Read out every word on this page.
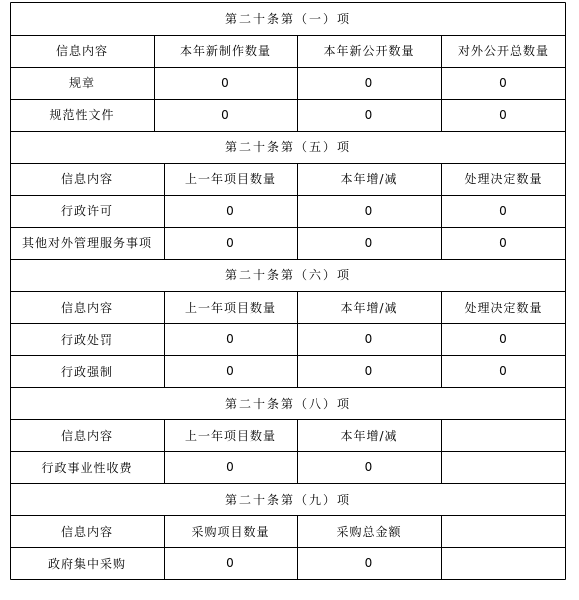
第二十条第（一）项
信息内容	本年新制作数量	本年新公开数量	对外公开总数量
规章	0	0	0
规范性文件	0	0	0
第二十条第（五）项
信息内容	上一年项目数量	本年增/减	处理决定数量
行政许可	0	0	0
其他对外管理服务事项	0	0	0
第二十条第（六）项
信息内容	上一年项目数量	本年增/减	处理决定数量
行政处罚	0	0	0
行政强制	0	0	0
第二十条第（八）项
信息内容	上一年项目数量	本年增/减
行政事业性收费	0	0
第二十条第（九）项
信息内容	采购项目数量	采购总金额
政府集中采购	0	0
